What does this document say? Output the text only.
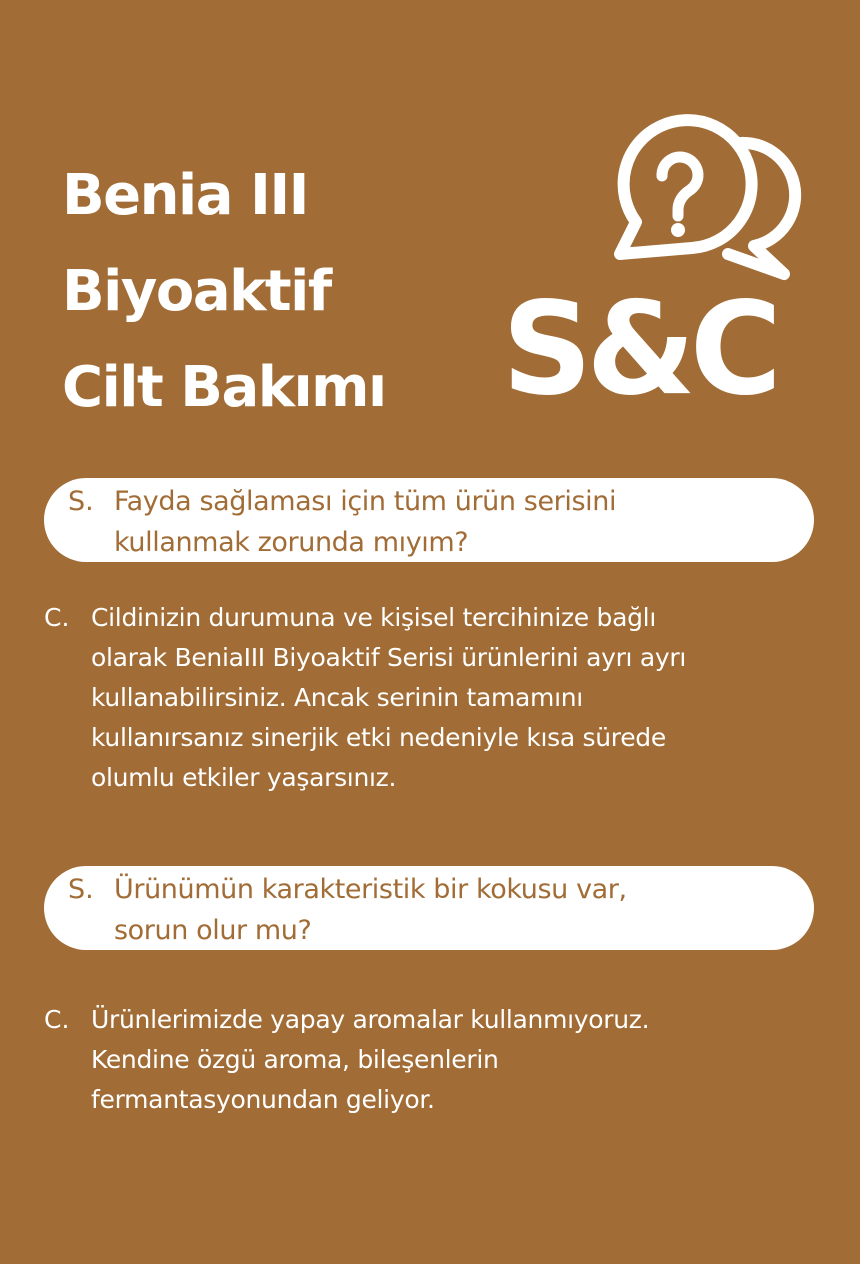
Benia III
Biyoaktif
Cilt Bakımı S&C
S. Fayda sağlaması için tüm ürün serisini
kullanmak zorunda mıyım?

C. Cildinizin durumuna ve kişisel tercihinize bağlı
olarak BeniaIII Biyoaktif Serisi ürünlerini ayrı ayrı
kullanabilirsiniz. Ancak serinin tamamını
kullanırsanız sinerjik etki nedeniyle kısa sürede
olumlu etkiler yaşarsınız.

S. Ürünümün karakteristik bir kokusu var,
sorun olur mu?

C. Ürünlerimizde yapay aromalar kullanmıyoruz.
Kendine özgü aroma, bileşenlerin
fermantasyonundan geliyor.
